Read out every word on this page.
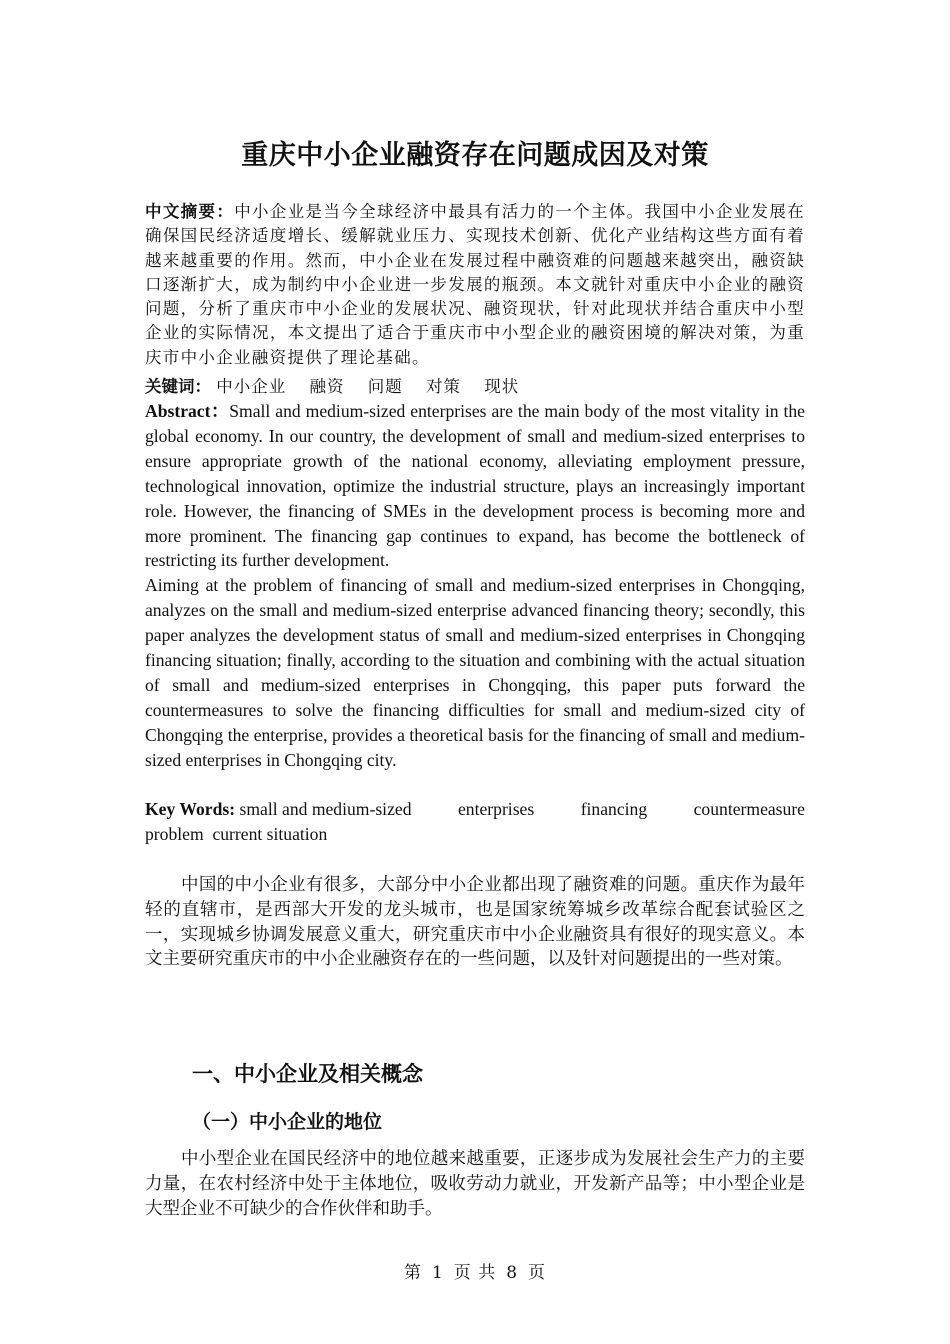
重庆中小企业融资存在问题成因及对策
中文摘要：中小企业是当今全球经济中最具有活力的一个主体。我国中小企业发展在确保国民经济适度增长、缓解就业压力、实现技术创新、优化产业结构这些方面有着越来越重要的作用。然而，中小企业在发展过程中融资难的问题越来越突出，融资缺口逐渐扩大，成为制约中小企业进一步发展的瓶颈。本文就针对重庆中小企业的融资问题，分析了重庆市中小企业的发展状况、融资现状，针对此现状并结合重庆中小型企业的实际情况，本文提出了适合于重庆市中小型企业的融资困境的解决对策，为重庆市中小企业融资提供了理论基础。
关键词： 中小企业 融资 问题 对策 现状
Abstract：Small and medium-sized enterprises are the main body of the most vitality in the global economy. In our country, the development of small and medium-sized enterprises to ensure appropriate growth of the national economy, alleviating employment pressure, technological innovation, optimize the industrial structure, plays an increasingly important role. However, the financing of SMEs in the development process is becoming more and more prominent. The financing gap continues to expand, has become the bottleneck of restricting its further development.
Aiming at the problem of financing of small and medium-sized enterprises in Chongqing, analyzes on the small and medium-sized enterprise advanced financing theory; secondly, this paper analyzes the development status of small and medium-sized enterprises in Chongqing financing situation; finally, according to the situation and combining with the actual situation of small and medium-sized enterprises in Chongqing, this paper puts forward the countermeasures to solve the financing difficulties for small and medium-sized city of Chongqing the enterprise, provides a theoretical basis for the financing of small and medium-sized enterprises in Chongqing city.
Key Words: small and medium-sized	enterprises	financing	countermeasure
problem current situation
中国的中小企业有很多，大部分中小企业都出现了融资难的问题。重庆作为最年轻的直辖市，是西部大开发的龙头城市，也是国家统筹城乡改革综合配套试验区之一，实现城乡协调发展意义重大，研究重庆市中小企业融资具有很好的现实意义。本文主要研究重庆市的中小企业融资存在的一些问题，以及针对问题提出的一些对策。
一、中小企业及相关概念
（一）中小企业的地位
中小型企业在国民经济中的地位越来越重要，正逐步成为发展社会生产力的主要力量，在农村经济中处于主体地位，吸收劳动力就业，开发新产品等；中小型企业是大型企业不可缺少的合作伙伴和助手。
第 1 页 共 8 页
